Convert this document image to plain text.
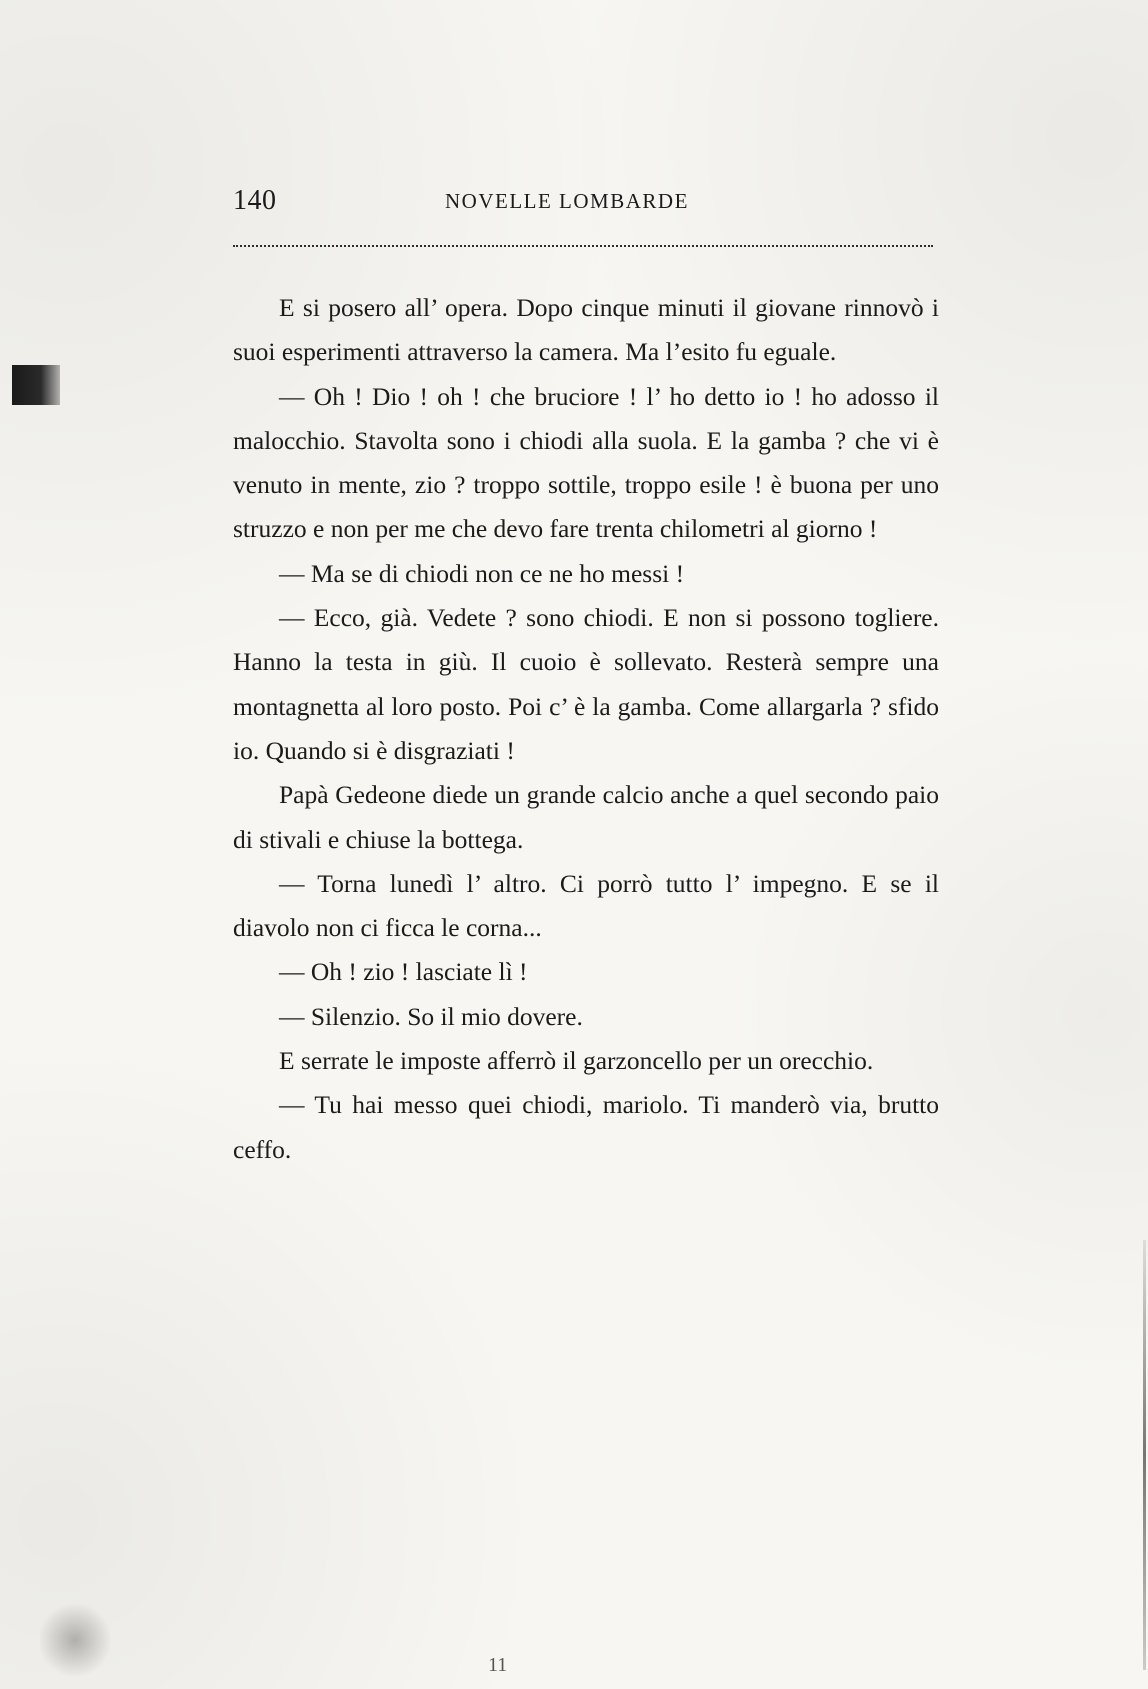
140	NOVELLE LOMBARDE

E si posero all’ opera. Dopo cinque minuti il giovane rinnovò i suoi esperimenti attraverso la camera. Ma l’esito fu eguale.

— Oh ! Dio ! oh ! che bruciore ! l’ ho detto io ! ho adosso il malocchio. Stavolta sono i chiodi alla suola. E la gamba ? che vi è venuto in mente, zio ? troppo sottile, troppo esile ! è buona per uno struzzo e non per me che devo fare trenta chilometri al giorno !

— Ma se di chiodi non ce ne ho messi !

— Ecco, già. Vedete ? sono chiodi. E non si possono togliere. Hanno la testa in giù. Il cuoio è sollevato. Resterà sempre una montagnetta al loro posto. Poi c’ è la gamba. Come allargarla ? sfido io. Quando si è disgraziati !

Papà Gedeone diede un grande calcio anche a quel secondo paio di stivali e chiuse la bottega.

— Torna lunedì l’ altro. Ci porrò tutto l’ impegno. E se il diavolo non ci ficca le corna...

— Oh ! zio ! lasciate lì !

— Silenzio. So il mio dovere.

E serrate le imposte afferrò il garzoncello per un orecchio.

— Tu hai messo quei chiodi, mariolo. Ti manderò via, brutto ceffo.

11
